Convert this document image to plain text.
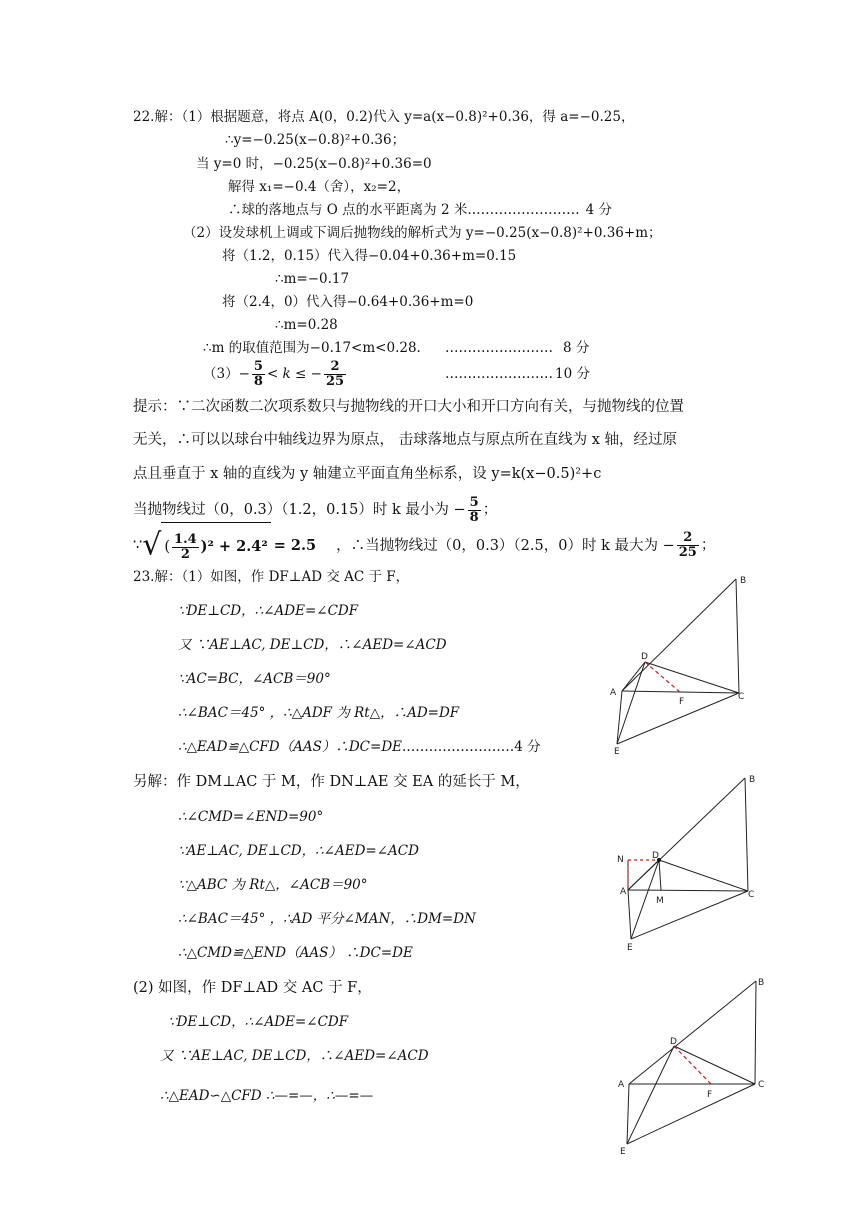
22.解：（1）根据题意，将点 A(0，0.2)代入 y=a(x−0.8)²+0.36，得 a=−0.25，
∴y=−0.25(x−0.8)²+0.36；
当 y=0 时，−0.25(x−0.8)²+0.36=0
解得 x₁=−0.4（舍），x₂=2，
∴球的落地点与 O 点的水平距离为 2 米.…………………… 4 分
（2）设发球机上调或下调后抛物线的解析式为 y=−0.25(x−0.8)²+0.36+m；
将（1.2，0.15）代入得−0.04+0.36+m=0.15
∴m=−0.17
将（2.4，0）代入得−0.64+0.36+m=0
∴m=0.28
∴m 的取值范围为−0.17<m<0.28. …………………… 8 分
$(3)- \frac{5}{8} < k$ ≤ − $\frac{2}{25}$	…………………… 10 分
提示：∵二次函数二次项系数只与抛物线的开口大小和开口方向有关，与抛物线的位置
无关，∴可以以球台中轴线边界为原点， 击球落地点与原点所在直线为 x 轴，经过原
点且垂直于 x 轴的直线为 y 轴建立平面直角坐标系，设 y=k(x−0.5)²+c
当抛物线过（0，0.3）（1.2，0.15）时 k 最小为 − $\frac{5}{8}$ ；
∵√ ( $\frac{1.4}{2} )^2 + 2.4^2 = 2.5$ ，∴当抛物线过（0，0.3）（2.5，0）时 k 最大为 − $\frac{2}{25}$ ；
23.解：（1）如图，作 DF⊥AD 交 AC 于 F，
∵DE⊥CD，∴∠ADE=∠CDF
又 ∵AE⊥AC, DE⊥CD，∴∠AED=∠ACD
∵AC=BC，∠ACB＝90°
∴∠BAC＝45° ，∴△ADF 为 Rt△，∴AD=DF
∴△EAD≌△CFD（AAS）∴DC=DE.……………………4 分
另解：作 DM⊥AC 于 M，作 DN⊥AE 交 EA 的延长于 M，
∴∠CMD=∠END=90°
∵AE⊥AC, DE⊥CD，∴∠AED=∠ACD
∵△ABC 为 Rt△，∠ACB＝90°
∴∠BAC＝45° ，∴AD 平分∠MAN，∴DM=DN
∴△CMD≌△END（AAS） ∴DC=DE
(2) 如图，作 DF⊥AD 交 AC 于 F，
∵DE⊥CD，∴∠ADE=∠CDF
又 ∵AE⊥AC, DE⊥CD，∴∠AED=∠ACD
∴△EAD∽△CFD ∴—=—，∴—=—
B
D
A
F	C
E
B
N	D
A
M
C
E
B
D
A
F
C
E
